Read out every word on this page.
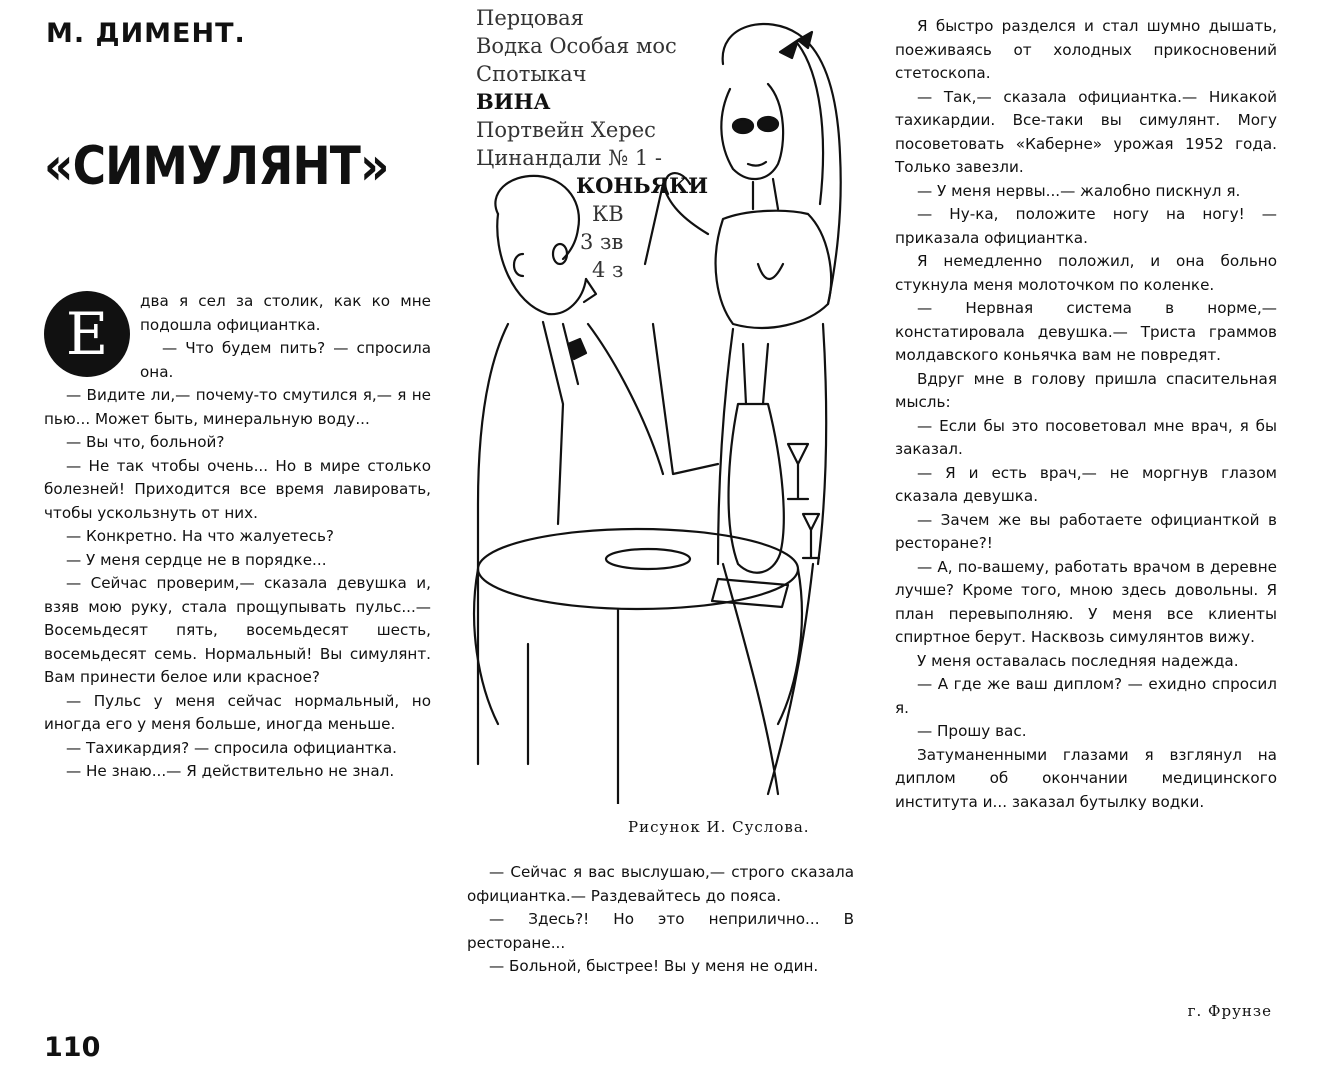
М. ДИМЕНТ.
«СИМУЛЯНТ»
Е	два я сел за столик, как ко мне подошла официантка.

— Что будем пить? — спросила она.

— Видите ли,— почему-то смутился я,— я не пью... Может быть, минеральную воду...

— Вы что, больной?

— Не так чтобы очень... Но в мире столько болезней! Приходится все время лавировать, чтобы ускользнуть от них.

— Конкретно. На что жалуетесь?

— У меня сердце не в порядке...

— Сейчас проверим,— сказала девушка и, взяв мою руку, стала прощупывать пульс...— Восемьдесят пять, восемьдесят шесть, восемьдесят семь. Нормальный! Вы симулянт. Вам принести белое или красное?

— Пульс у меня сейчас нормальный, но иногда его у меня больше, иногда меньше.

— Тахикардия? — спросила официантка.

— Не знаю...— Я действительно не знал.

Перцовая
Водка Особая мос
Спотыкач
ВИНА
Портвейн Херес
Цинандали № 1 -
КОНЬЯКИ
КВ
3 зв
4 з
Рисунок И. Суслова.

— Сейчас я вас выслушаю,— строго сказала официантка.— Раздевайтесь до пояса.

— Здесь?! Но это неприлично... В ресторане...

— Больной, быстрее! Вы у меня не один.

Я быстро разделся и стал шумно дышать, поеживаясь от холодных прикосновений стетоскопа.

— Так,— сказала официантка.— Никакой тахикардии. Все-таки вы симулянт. Могу посоветовать «Каберне» урожая 1952 года. Только завезли.

— У меня нервы...— жалобно пискнул я.

— Ну-ка, положите ногу на ногу! — приказала официантка.

Я немедленно положил, и она больно стукнула меня молоточком по коленке.

— Нервная система в норме,— констатировала девушка.— Триста граммов молдавского коньячка вам не повредят.

Вдруг мне в голову пришла спасительная мысль:

— Если бы это посоветовал мне врач, я бы заказал.

— Я и есть врач,— не моргнув глазом сказала девушка.

— Зачем же вы работаете официанткой в ресторане?!

— А, по-вашему, работать врачом в деревне лучше? Кроме того, мною здесь довольны. Я план перевыполняю. У меня все клиенты спиртное берут. Насквозь симулянтов вижу.

У меня оставалась последняя надежда.

— А где же ваш диплом? — ехидно спросил я.

— Прошу вас.

Затуманенными глазами я взглянул на диплом об окончании медицинского института и... заказал бутылку водки.

г. Фрунзе
110
